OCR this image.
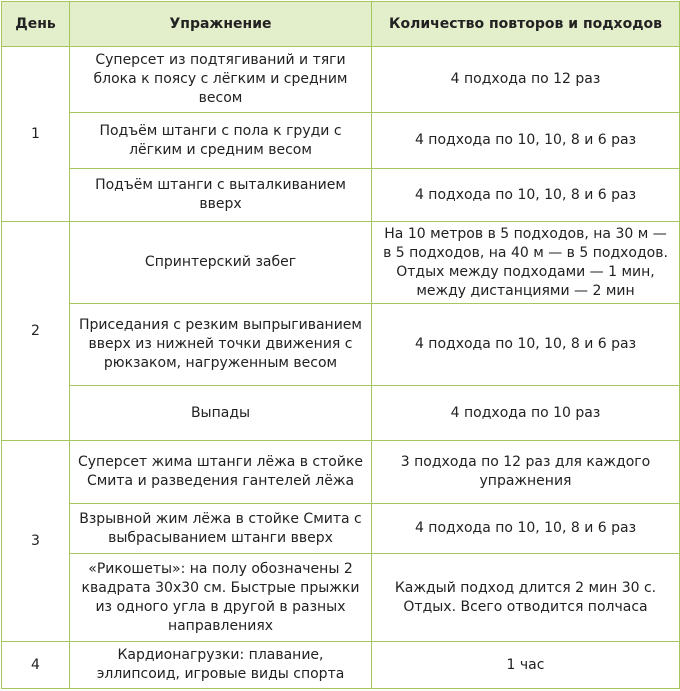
День	Упражнение	Количество повторов и подходов
1	Суперсет из подтягиваний и тяги блока к поясу с лёгким и средним весом	4 подхода по 12 раз
	Подъём штанги с пола к груди с лёгким и средним весом	4 подхода по 10, 10, 8 и 6 раз
	Подъём штанги с выталкиванием вверх	4 подхода по 10, 10, 8 и 6 раз
2	Спринтерский забег	На 10 метров в 5 подходов, на 30 м — в 5 подходов, на 40 м — в 5 подходов. Отдых между подходами — 1 мин, между дистанциями — 2 мин
	Приседания с резким выпрыгиванием вверх из нижней точки движения с рюкзаком, нагруженным весом	4 подхода по 10, 10, 8 и 6 раз
	Выпады	4 подхода по 10 раз
3	Суперсет жима штанги лёжа в стойке Смита и разведения гантелей лёжа	3 подхода по 12 раз для каждого упражнения
	Взрывной жим лёжа в стойке Смита с выбрасыванием штанги вверх	4 подхода по 10, 10, 8 и 6 раз
	«Рикошеты»: на полу обозначены 2 квадрата 30х30 см. Быстрые прыжки из одного угла в другой в разных направлениях	Каждый подход длится 2 мин 30 с. Отдых. Всего отводится полчаса
4	Кардионагрузки: плавание, эллипсоид, игровые виды спорта	1 час
